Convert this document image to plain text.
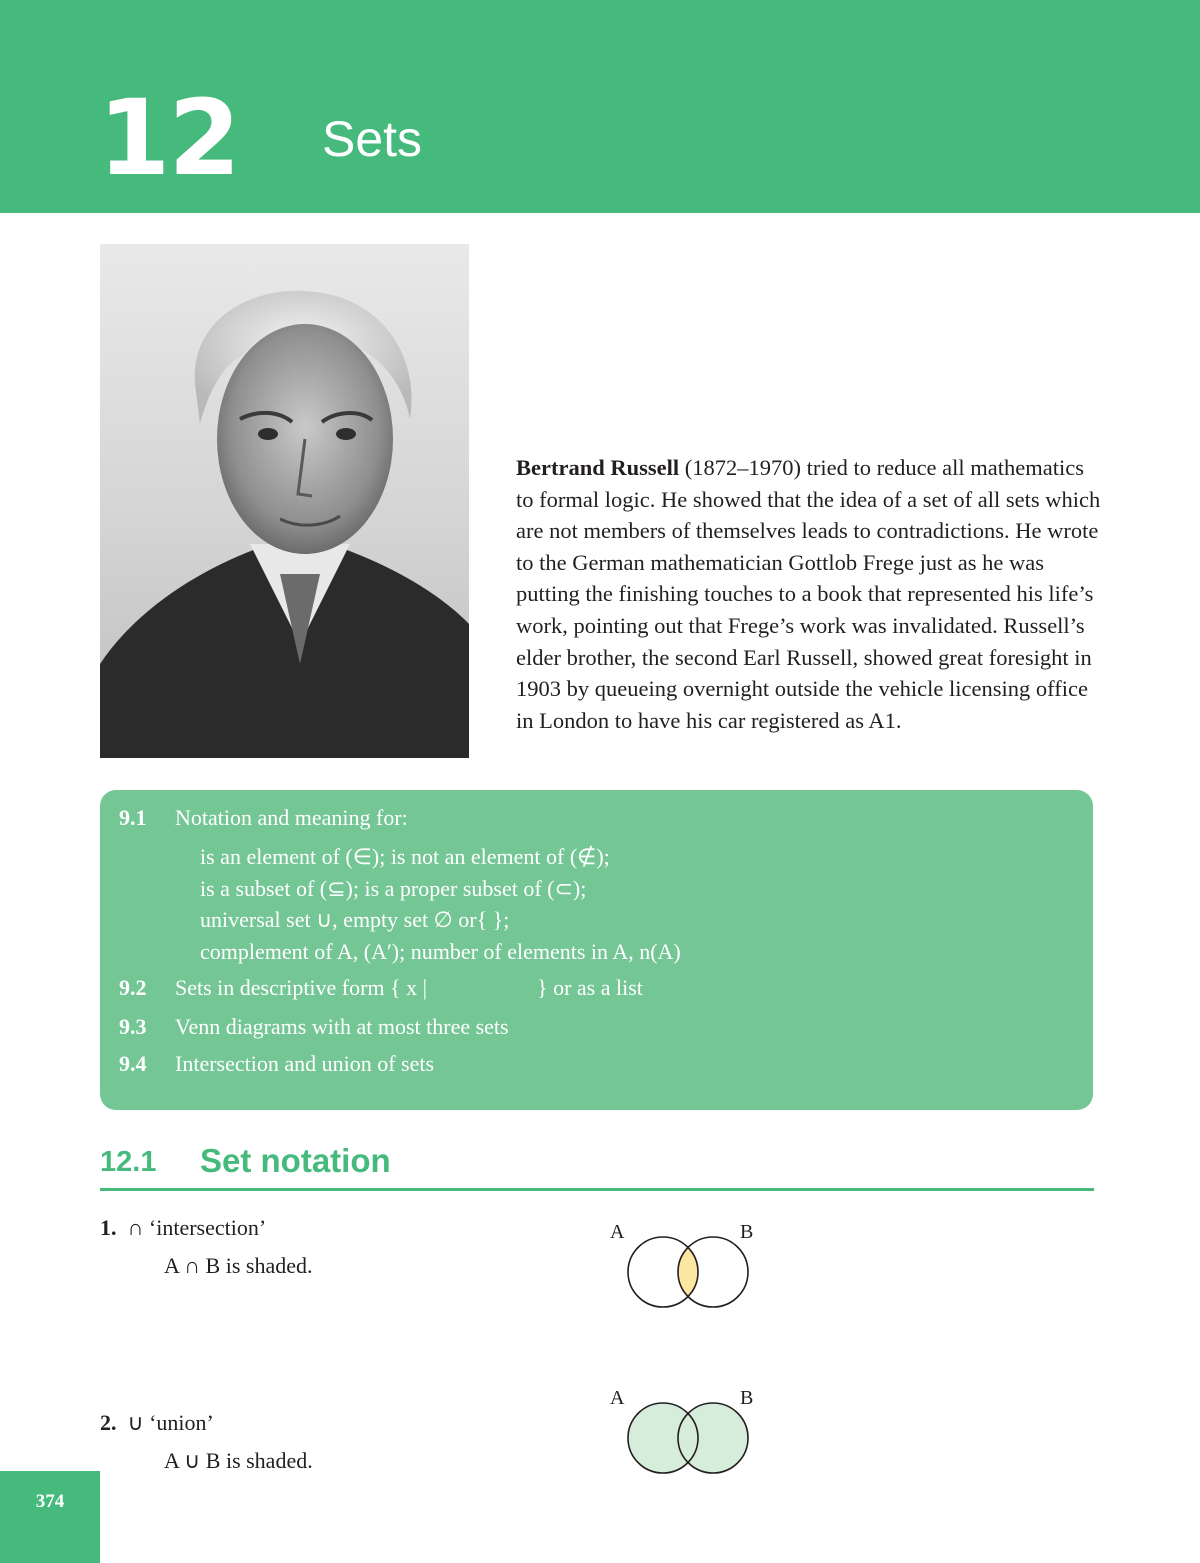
12 Sets
Bertrand Russell (1872–1970) tried to reduce all mathematics to formal logic. He showed that the idea of a set of all sets which are not members of themselves leads to contradictions. He wrote to the German mathematician Gottlob Frege just as he was putting the finishing touches to a book that represented his life’s work, pointing out that Frege’s work was invalidated. Russell’s elder brother, the second Earl Russell, showed great foresight in 1903 by queueing overnight outside the vehicle licensing office in London to have his car registered as A1.
9.1 Notation and meaning for:
is an element of (∈); is not an element of (∉);
is a subset of (⊆); is a proper subset of (⊂);
universal set ∪, empty set ∅ or{ };
complement of A, (A′); number of elements in A, n(A)
9.2 Sets in descriptive form { x |                    } or as a list
9.3 Venn diagrams with at most three sets
9.4 Intersection and union of sets
12.1 Set notation
1. ∩ ‘intersection’
A ∩ B is shaded.
A	B
2. ∪ ‘union’
A ∪ B is shaded.
A	B
374
